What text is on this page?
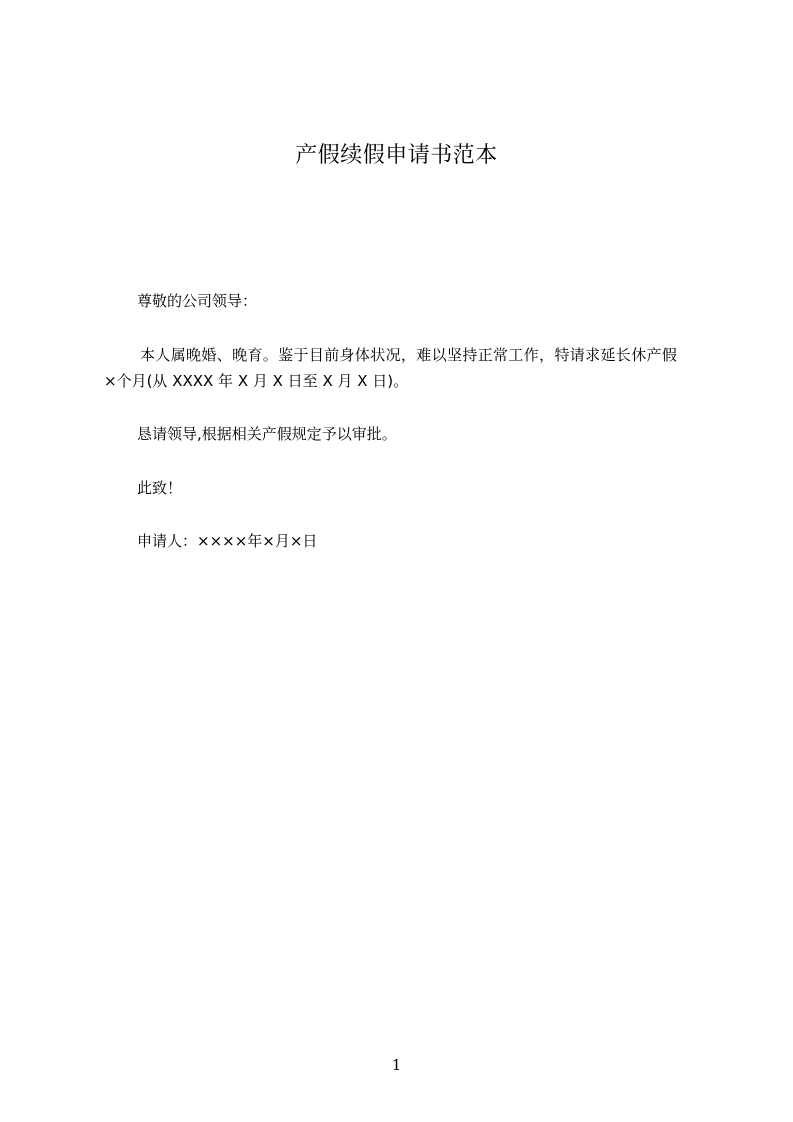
产假续假申请书范本
尊敬的公司领导：
本人属晚婚、晚育。鉴于目前身体状况，难以坚持正常工作，特请求延长休产假
×个月(从 XXXX 年 X 月 X 日至 X 月 X 日)。
恳请领导,根据相关产假规定予以审批。
此致！
申请人：××××年×月×日
1
